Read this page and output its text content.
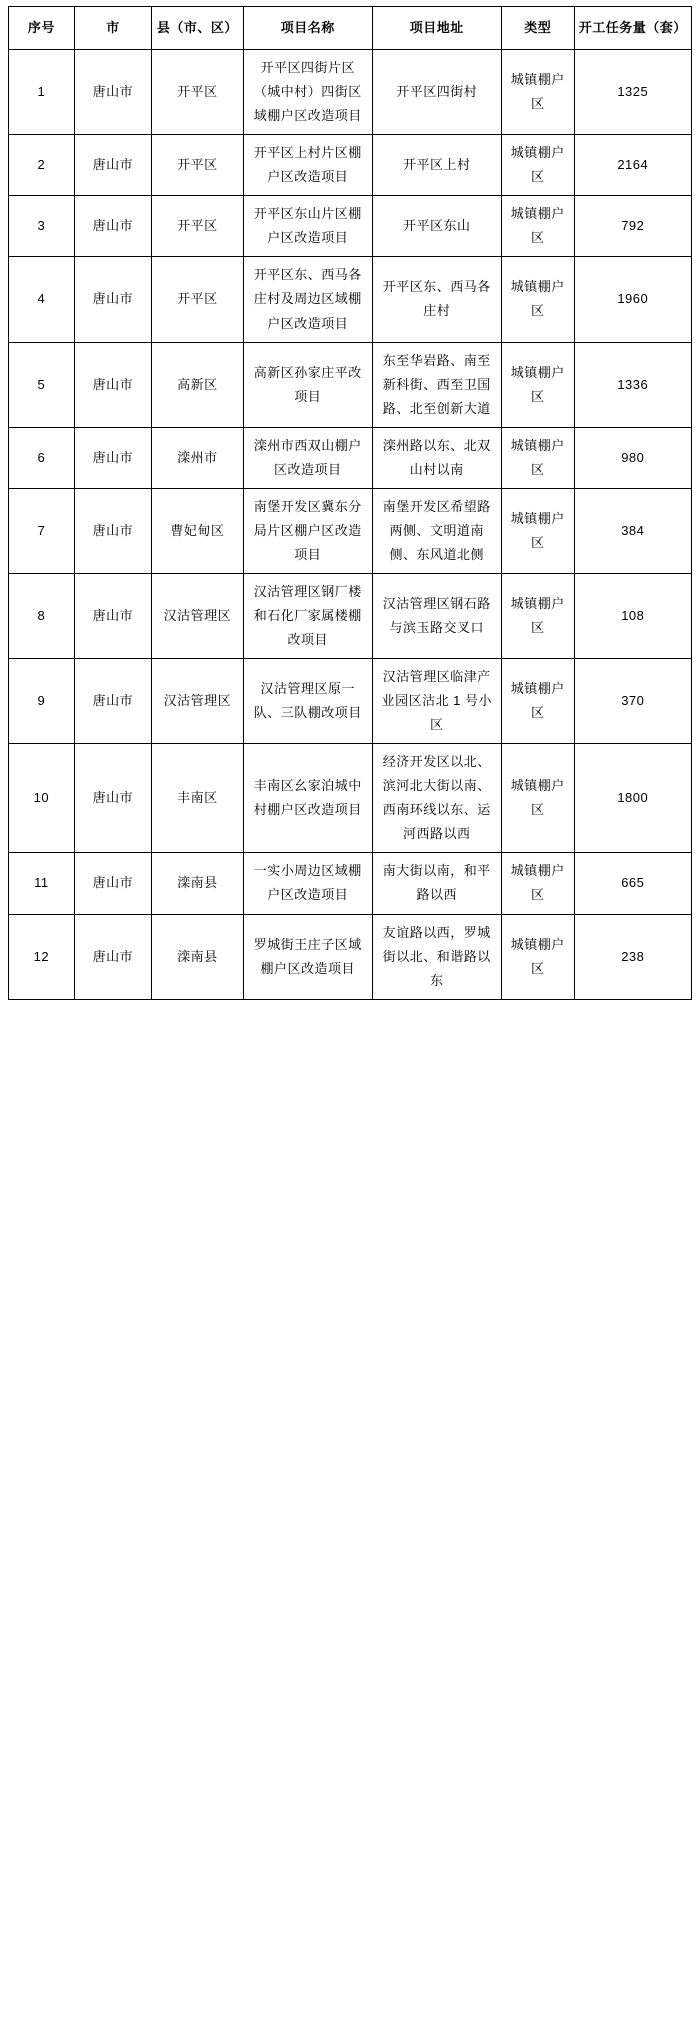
序号	市	县（市、区）	项目名称	项目地址	类型	开工任务量（套）
1	唐山市	开平区	开平区四街片区（城中村）四街区域棚户区改造项目	开平区四街村	城镇棚户区	1325
2	唐山市	开平区	开平区上村片区棚户区改造项目	开平区上村	城镇棚户区	2164
3	唐山市	开平区	开平区东山片区棚户区改造项目	开平区东山	城镇棚户区	792
4	唐山市	开平区	开平区东、西马各庄村及周边区域棚户区改造项目	开平区东、西马各庄村	城镇棚户区	1960
5	唐山市	高新区	高新区孙家庄平改项目	东至华岩路、南至新科街、西至卫国路、北至创新大道	城镇棚户区	1336
6	唐山市	滦州市	滦州市西双山棚户区改造项目	滦州路以东、北双山村以南	城镇棚户区	980
7	唐山市	曹妃甸区	南堡开发区冀东分局片区棚户区改造项目	南堡开发区希望路两侧、文明道南侧、东风道北侧	城镇棚户区	384
8	唐山市	汉沽管理区	汉沽管理区钢厂楼和石化厂家属楼棚改项目	汉沽管理区钢石路与滨玉路交叉口	城镇棚户区	108
9	唐山市	汉沽管理区	汉沽管理区原一队、三队棚改项目	汉沽管理区临津产业园区沽北 1 号小区	城镇棚户区	370
10	唐山市	丰南区	丰南区幺家泊城中村棚户区改造项目	经济开发区以北、滨河北大街以南、西南环线以东、运河西路以西	城镇棚户区	1800
11	唐山市	滦南县	一实小周边区域棚户区改造项目	南大街以南，和平路以西	城镇棚户区	665
12	唐山市	滦南县	罗城街王庄子区域棚户区改造项目	友谊路以西，罗城街以北、和谐路以东	城镇棚户区	238
